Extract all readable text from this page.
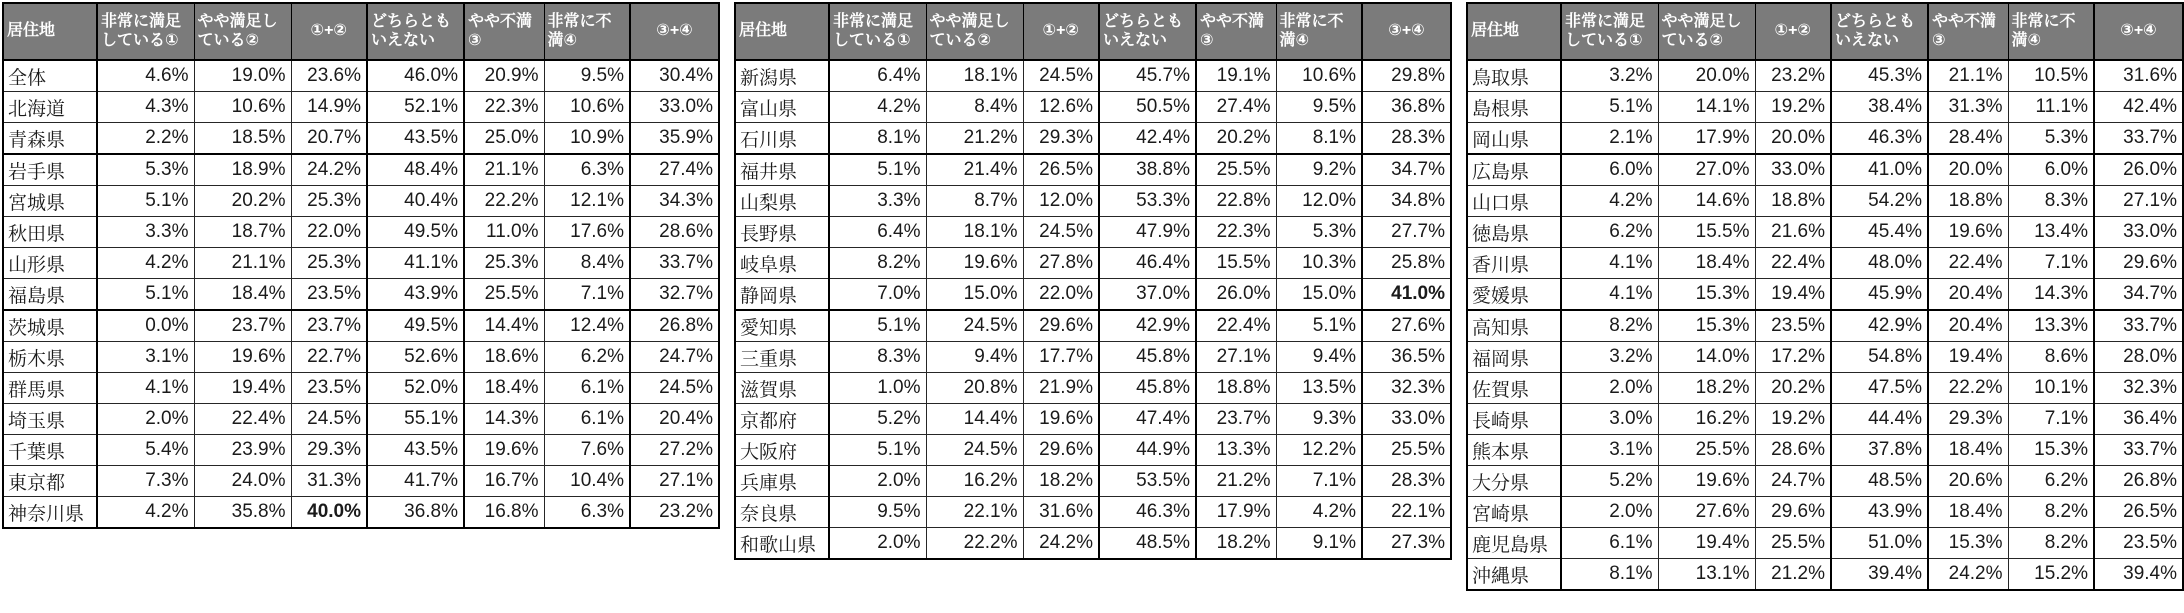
居住地	非常に満足している①	やや満足している②	①+②	どちらともいえない	やや不満③	非常に不満④	③+④
全体	4.6%	19.0%	23.6%	46.0%	20.9%	9.5%	30.4%
北海道	4.3%	10.6%	14.9%	52.1%	22.3%	10.6%	33.0%
青森県	2.2%	18.5%	20.7%	43.5%	25.0%	10.9%	35.9%
岩手県	5.3%	18.9%	24.2%	48.4%	21.1%	6.3%	27.4%
宮城県	5.1%	20.2%	25.3%	40.4%	22.2%	12.1%	34.3%
秋田県	3.3%	18.7%	22.0%	49.5%	11.0%	17.6%	28.6%
山形県	4.2%	21.1%	25.3%	41.1%	25.3%	8.4%	33.7%
福島県	5.1%	18.4%	23.5%	43.9%	25.5%	7.1%	32.7%
茨城県	0.0%	23.7%	23.7%	49.5%	14.4%	12.4%	26.8%
栃木県	3.1%	19.6%	22.7%	52.6%	18.6%	6.2%	24.7%
群馬県	4.1%	19.4%	23.5%	52.0%	18.4%	6.1%	24.5%
埼玉県	2.0%	22.4%	24.5%	55.1%	14.3%	6.1%	20.4%
千葉県	5.4%	23.9%	29.3%	43.5%	19.6%	7.6%	27.2%
東京都	7.3%	24.0%	31.3%	41.7%	16.7%	10.4%	27.1%
神奈川県	4.2%	35.8%	40.0%	36.8%	16.8%	6.3%	23.2%
居住地	非常に満足している①	やや満足している②	①+②	どちらともいえない	やや不満③	非常に不満④	③+④
新潟県	6.4%	18.1%	24.5%	45.7%	19.1%	10.6%	29.8%
富山県	4.2%	8.4%	12.6%	50.5%	27.4%	9.5%	36.8%
石川県	8.1%	21.2%	29.3%	42.4%	20.2%	8.1%	28.3%
福井県	5.1%	21.4%	26.5%	38.8%	25.5%	9.2%	34.7%
山梨県	3.3%	8.7%	12.0%	53.3%	22.8%	12.0%	34.8%
長野県	6.4%	18.1%	24.5%	47.9%	22.3%	5.3%	27.7%
岐阜県	8.2%	19.6%	27.8%	46.4%	15.5%	10.3%	25.8%
静岡県	7.0%	15.0%	22.0%	37.0%	26.0%	15.0%	41.0%
愛知県	5.1%	24.5%	29.6%	42.9%	22.4%	5.1%	27.6%
三重県	8.3%	9.4%	17.7%	45.8%	27.1%	9.4%	36.5%
滋賀県	1.0%	20.8%	21.9%	45.8%	18.8%	13.5%	32.3%
京都府	5.2%	14.4%	19.6%	47.4%	23.7%	9.3%	33.0%
大阪府	5.1%	24.5%	29.6%	44.9%	13.3%	12.2%	25.5%
兵庫県	2.0%	16.2%	18.2%	53.5%	21.2%	7.1%	28.3%
奈良県	9.5%	22.1%	31.6%	46.3%	17.9%	4.2%	22.1%
和歌山県	2.0%	22.2%	24.2%	48.5%	18.2%	9.1%	27.3%
居住地	非常に満足している①	やや満足している②	①+②	どちらともいえない	やや不満③	非常に不満④	③+④
鳥取県	3.2%	20.0%	23.2%	45.3%	21.1%	10.5%	31.6%
島根県	5.1%	14.1%	19.2%	38.4%	31.3%	11.1%	42.4%
岡山県	2.1%	17.9%	20.0%	46.3%	28.4%	5.3%	33.7%
広島県	6.0%	27.0%	33.0%	41.0%	20.0%	6.0%	26.0%
山口県	4.2%	14.6%	18.8%	54.2%	18.8%	8.3%	27.1%
徳島県	6.2%	15.5%	21.6%	45.4%	19.6%	13.4%	33.0%
香川県	4.1%	18.4%	22.4%	48.0%	22.4%	7.1%	29.6%
愛媛県	4.1%	15.3%	19.4%	45.9%	20.4%	14.3%	34.7%
高知県	8.2%	15.3%	23.5%	42.9%	20.4%	13.3%	33.7%
福岡県	3.2%	14.0%	17.2%	54.8%	19.4%	8.6%	28.0%
佐賀県	2.0%	18.2%	20.2%	47.5%	22.2%	10.1%	32.3%
長崎県	3.0%	16.2%	19.2%	44.4%	29.3%	7.1%	36.4%
熊本県	3.1%	25.5%	28.6%	37.8%	18.4%	15.3%	33.7%
大分県	5.2%	19.6%	24.7%	48.5%	20.6%	6.2%	26.8%
宮崎県	2.0%	27.6%	29.6%	43.9%	18.4%	8.2%	26.5%
鹿児島県	6.1%	19.4%	25.5%	51.0%	15.3%	8.2%	23.5%
沖縄県	8.1%	13.1%	21.2%	39.4%	24.2%	15.2%	39.4%
